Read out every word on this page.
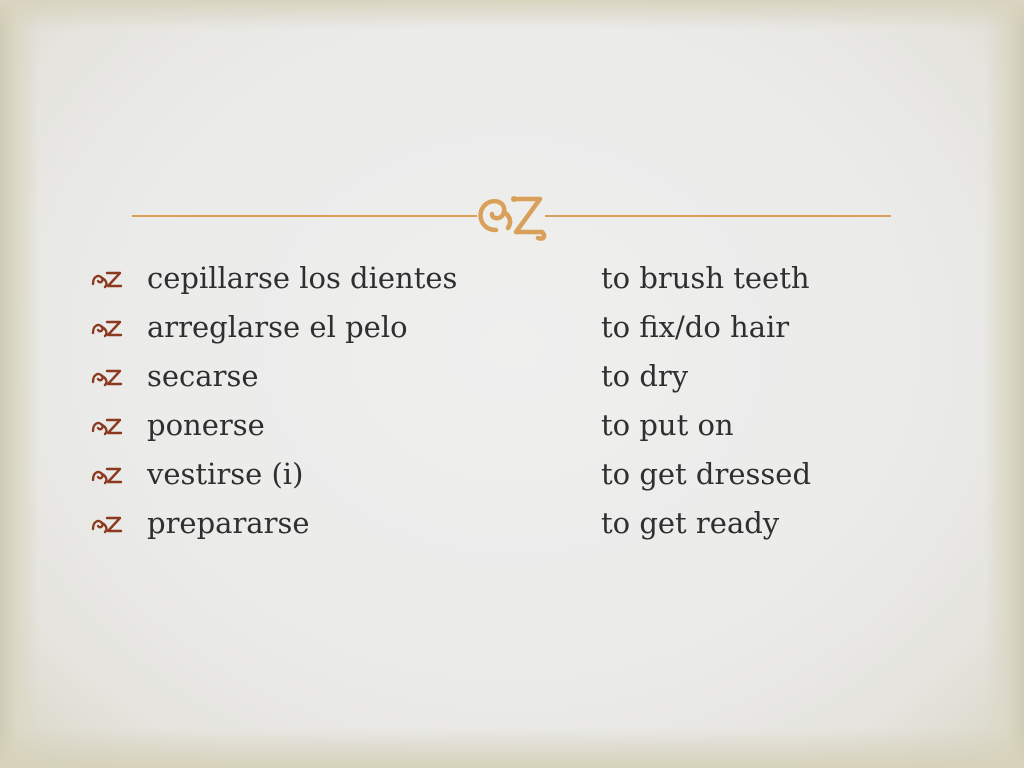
cepillarse los dientes	to brush teeth
arreglarse el pelo	to fix/do hair
secarse	to dry
ponerse	to put on
vestirse (i)	to get dressed
prepararse	to get ready
